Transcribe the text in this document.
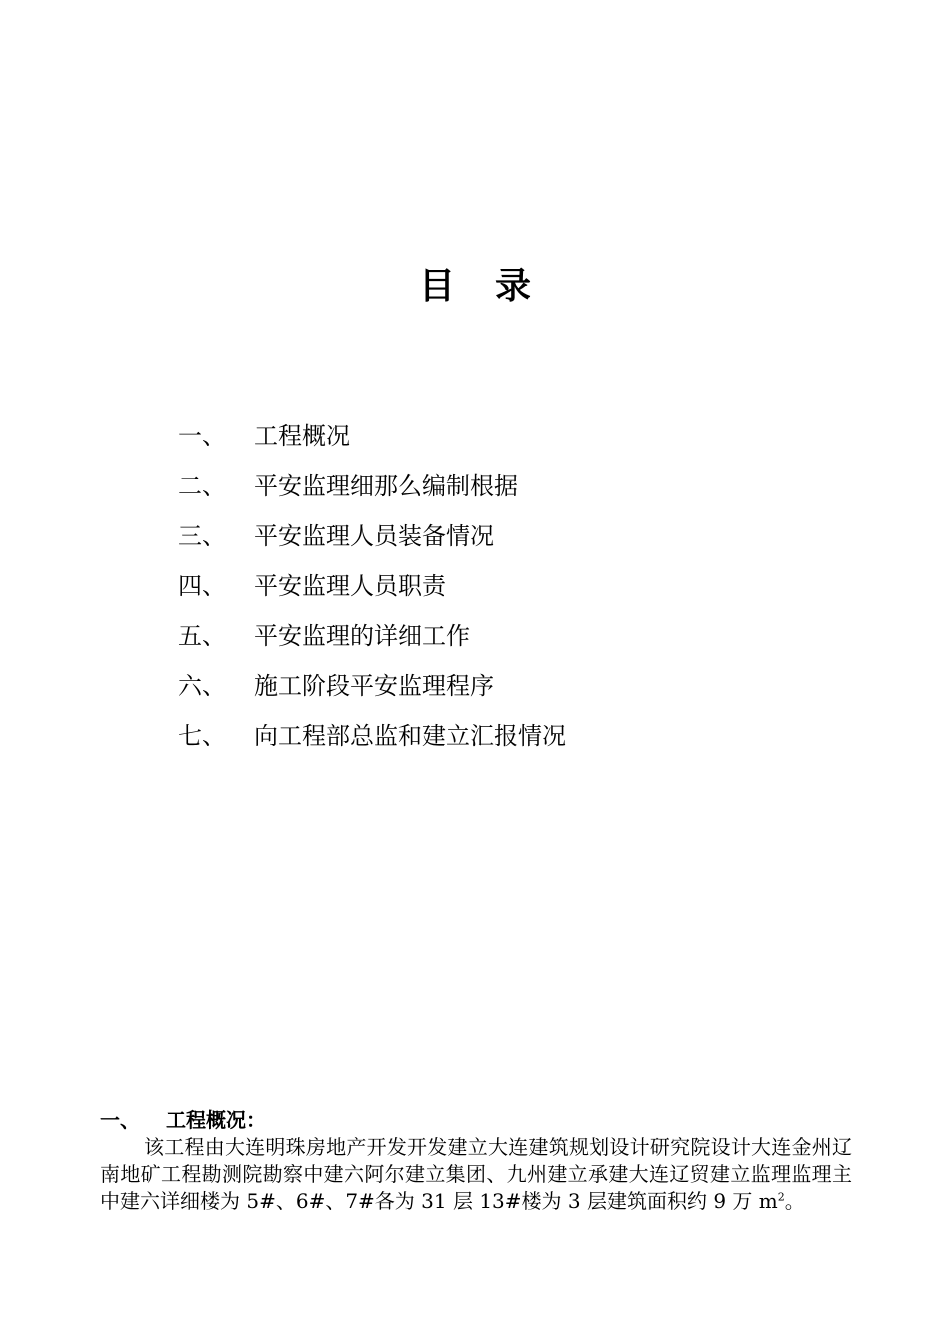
目 录
一、 工程概况
二、 平安监理细那么编制根据
三、 平安监理人员装备情况
四、 平安监理人员职责
五、 平安监理的详细工作
六、 施工阶段平安监理程序
七、 向工程部总监和建立汇报情况
一、 工程概况：

该工程由大连明珠房地产开发开发建立大连建筑规划设计研究院设计大连金州辽南地矿工程勘测院勘察中建六阿尔建立集团、九州建立承建大连辽贸建立监理监理主中建六详细楼为 5#、6#、7#各为 31 层 13#楼为 3 层建筑面积约 9 万 $m^2$。
